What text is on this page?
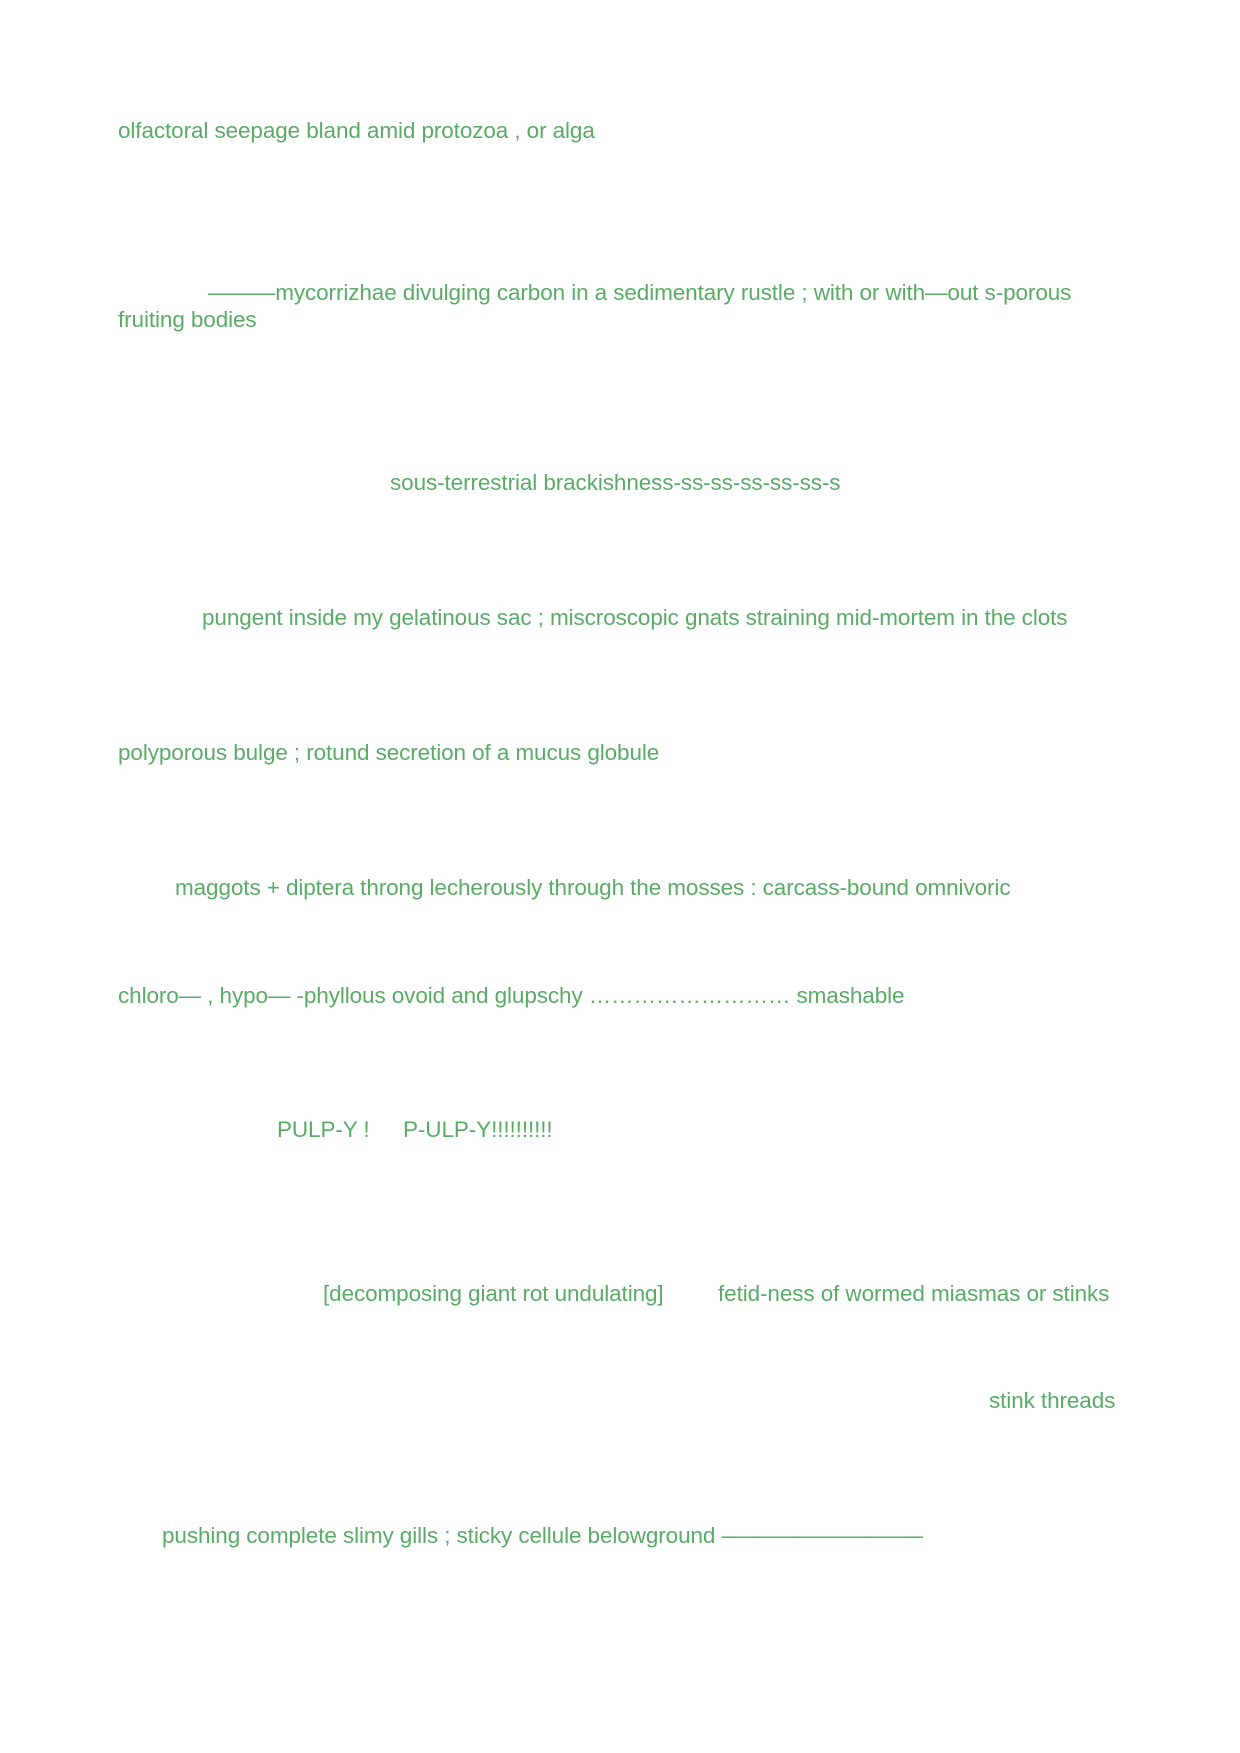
olfactoral seepage bland amid protozoa , or alga

———mycorrizhae divulging carbon in a sedimentary rustle ; with or with—out s-porous fruiting bodies

sous-terrestrial brackishness-ss-ss-ss-ss-ss-s

pungent inside my gelatinous sac ; miscroscopic gnats straining mid-mortem in the clots

polyporous bulge ; rotund secretion of a mucus globule

maggots + diptera throng lecherously through the mosses : carcass-bound omnivoric

chloro— , hypo— -phyllous ovoid and glupschy ……………………… smashable

PULP-Y ! P-ULP-Y!!!!!!!!!!

[decomposing giant rot undulating] fetid-ness of wormed miasmas or stinks

stink threads

pushing complete slimy gills ; sticky cellule belowground —————————
